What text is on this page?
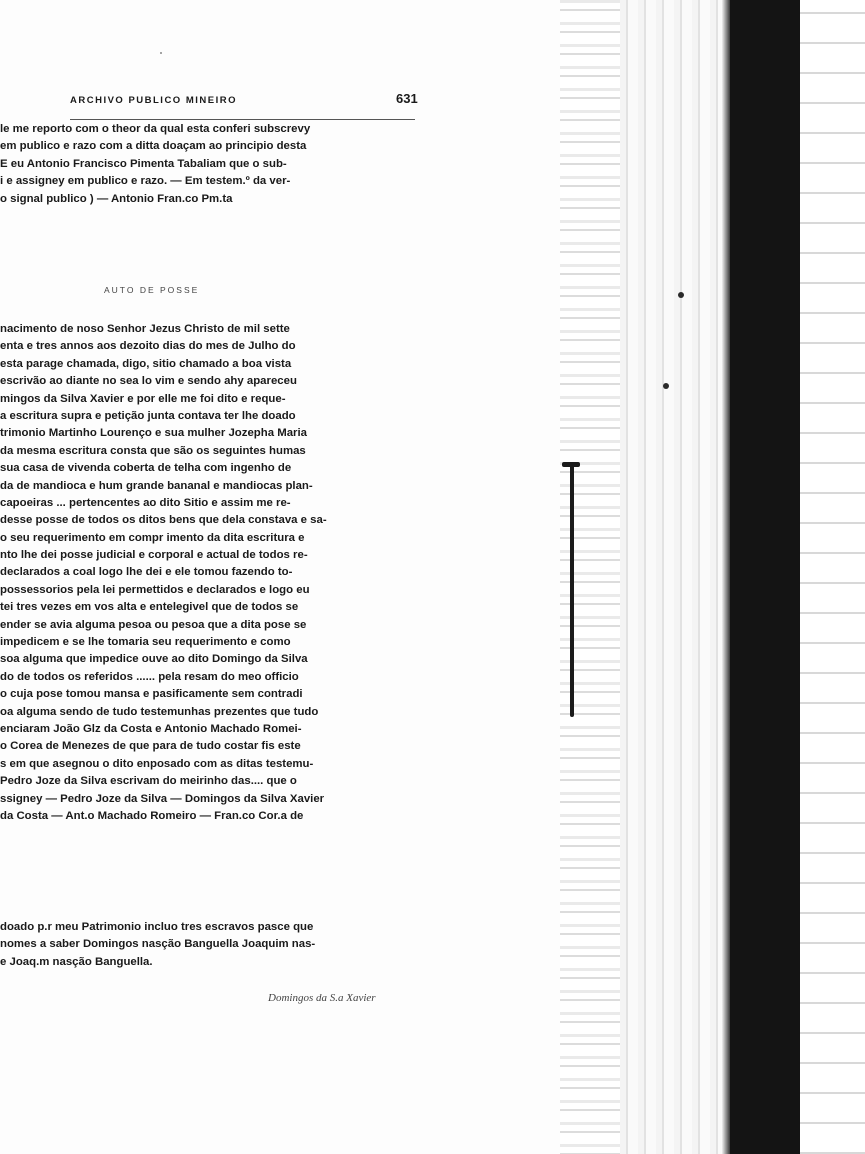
ARCHIVO PUBLICO MINEIRO	631
le me reporto com o theor da qual esta conferi subscrevy
em publico e razo com a ditta doaçam ao principio desta
E eu Antonio Francisco Pimenta Tabaliam que o sub-
i e assigney em publico e razo. — Em testem.º da ver-
o signal publico ) — Antonio Fran.co Pm.ta
AUTO DE POSSE
nacimento de noso Senhor Jezus Christo de mil sette
enta e tres annos aos dezoito dias do mes de Julho do
esta parage chamada, digo, sitio chamado a boa vista
escrivão ao diante no sea lo vim e sendo ahy apareceu
mingos da Silva Xavier e por elle me foi dito e reque-
a escritura supra e petição junta contava ter lhe doado
trimonio Martinho Lourenço e sua mulher Jozepha Maria
da mesma escritura consta que são os seguintes humas
sua casa de vivenda coberta de telha com ingenho de
da de mandioca e hum grande bananal e mandiocas plan-
capoeiras ... pertencentes ao dito Sitio e assim me re-
desse posse de todos os ditos bens que dela constava e sa-
o seu requerimento em compr imento da dita escritura e
nto lhe dei posse judicial e corporal e actual de todos re-
declarados a coal logo lhe dei e ele tomou fazendo to-
possessorios pela lei permettidos e declarados e logo eu
tei tres vezes em vos alta e entelegivel que de todos se
ender se avia alguma pesoa ou pesoa que a dita pose se
impedicem e se lhe tomaria seu requerimento e como
soa alguma que impedice ouve ao dito Domingo da Silva
do de todos os referidos ...... pela resam do meo officio
o cuja pose tomou mansa e pasificamente sem contradi
oa alguma sendo de tudo testemunhas prezentes que tudo
enciaram João Glz da Costa e Antonio Machado Romei-
o Corea de Menezes de que para de tudo costar fis este
s em que asegnou o dito enposado com as ditas testemu-
Pedro Joze da Silva escrivam do meirinho das.... que o
ssigney — Pedro Joze da Silva — Domingos da Silva Xavier
da Costa — Ant.o Machado Romeiro — Fran.co Cor.a de
doado p.r meu Patrimonio incluo tres escravos pasce que
nomes a saber Domingos nasção Banguella Joaquim nas-
e Joaq.m nasção Banguella.
Domingos da S.a Xavier
